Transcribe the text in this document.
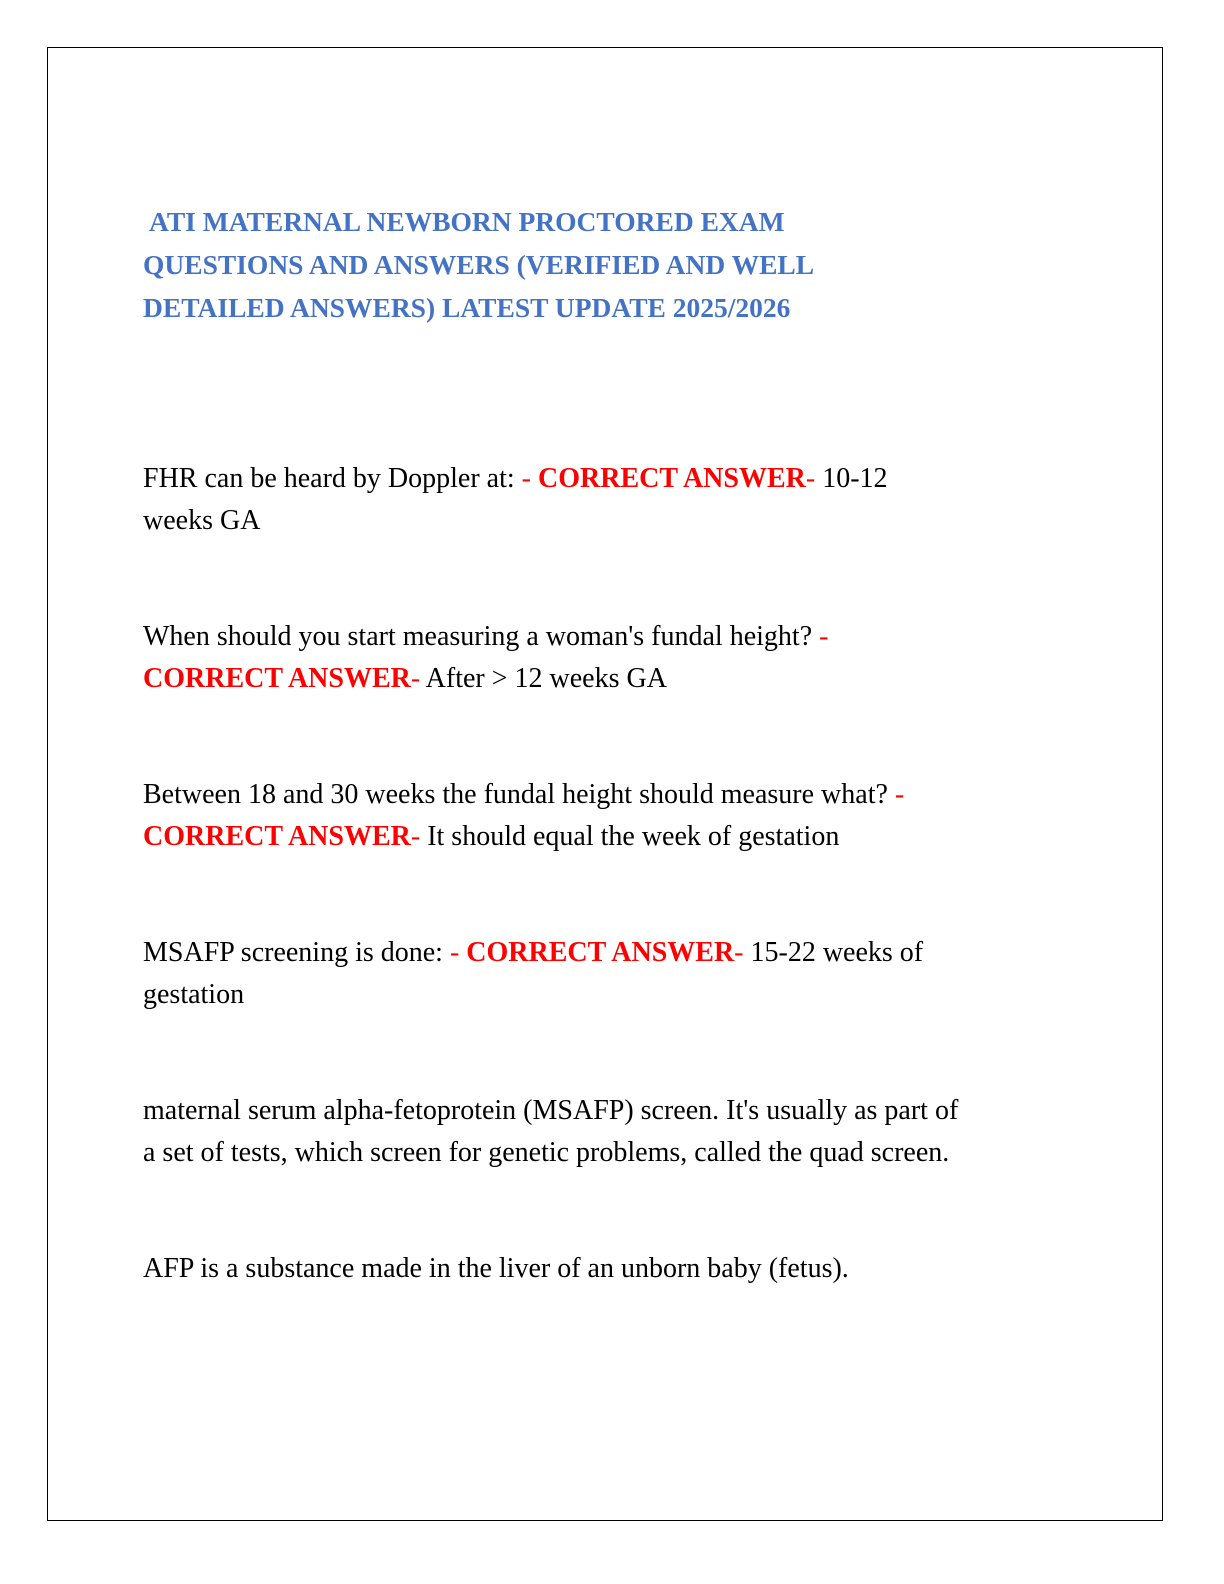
ATI MATERNAL NEWBORN PROCTORED EXAM
QUESTIONS AND ANSWERS (VERIFIED AND WELL
DETAILED ANSWERS) LATEST UPDATE 2025/2026

FHR can be heard by Doppler at: - CORRECT ANSWER- 10-12
weeks GA

When should you start measuring a woman's fundal height? -
CORRECT ANSWER- After > 12 weeks GA

Between 18 and 30 weeks the fundal height should measure what? -
CORRECT ANSWER- It should equal the week of gestation

MSAFP screening is done: - CORRECT ANSWER- 15-22 weeks of
gestation

maternal serum alpha-fetoprotein (MSAFP) screen. It's usually as part of
a set of tests, which screen for genetic problems, called the quad screen.

AFP is a substance made in the liver of an unborn baby (fetus).
